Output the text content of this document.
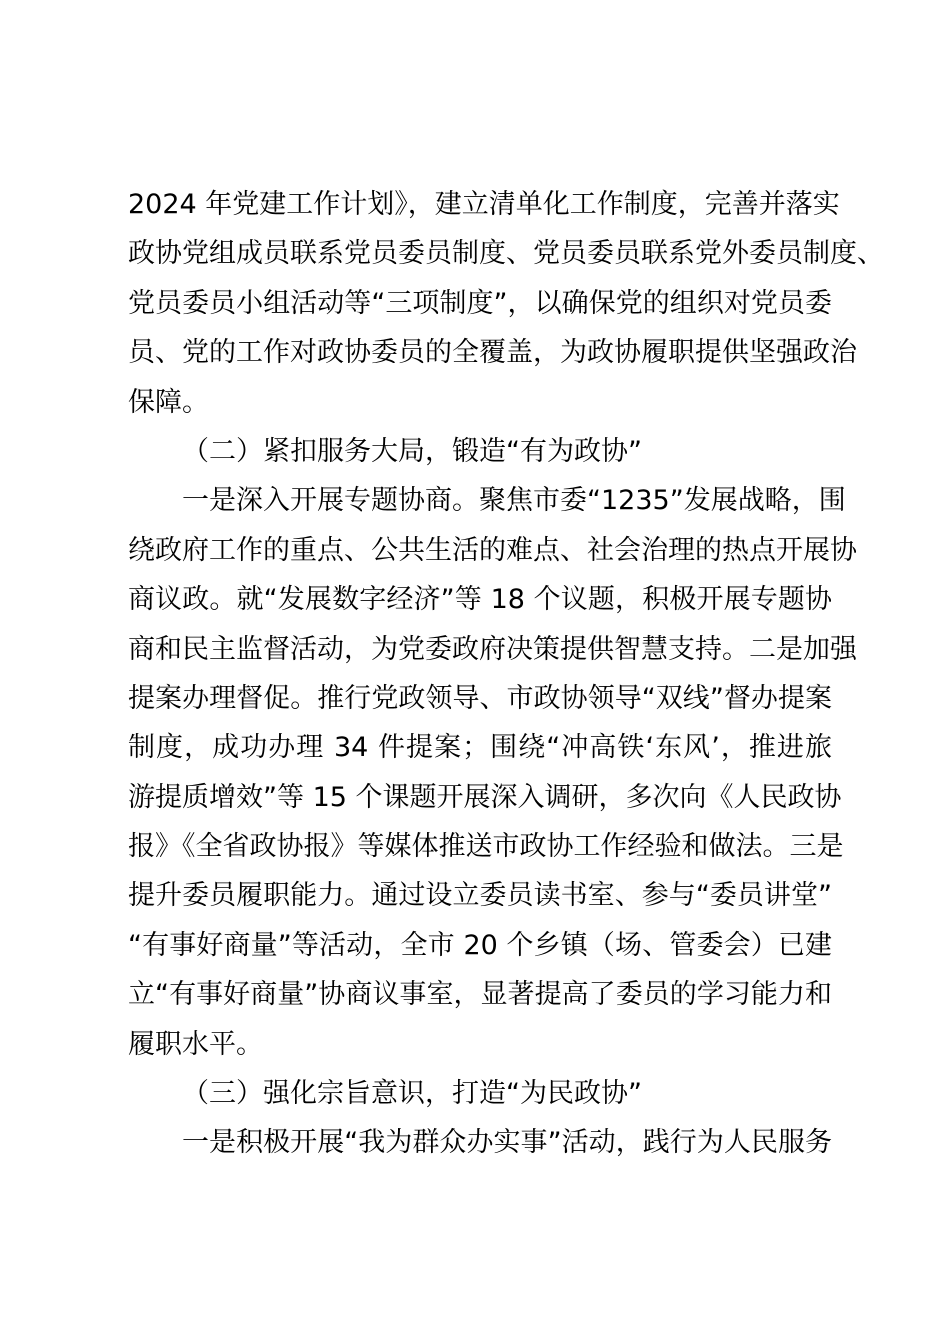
2024 年党建工作计划》，建立清单化工作制度，完善并落实
政协党组成员联系党员委员制度、党员委员联系党外委员制度、
党员委员小组活动等“三项制度”，以确保党的组织对党员委
员、党的工作对政协委员的全覆盖，为政协履职提供坚强政治
保障。
（二）紧扣服务大局，锻造“有为政协”
一是深入开展专题协商。聚焦市委“1235”发展战略，围
绕政府工作的重点、公共生活的难点、社会治理的热点开展协
商议政。就“发展数字经济”等 18 个议题，积极开展专题协
商和民主监督活动，为党委政府决策提供智慧支持。二是加强
提案办理督促。推行党政领导、市政协领导“双线”督办提案
制度，成功办理 34 件提案；围绕“冲高铁‘东风’，推进旅
游提质增效”等 15 个课题开展深入调研，多次向《人民政协
报》《全省政协报》等媒体推送市政协工作经验和做法。三是
提升委员履职能力。通过设立委员读书室、参与“委员讲堂”
“有事好商量”等活动，全市 20 个乡镇（场、管委会）已建
立“有事好商量”协商议事室，显著提高了委员的学习能力和
履职水平。
（三）强化宗旨意识，打造“为民政协”
一是积极开展“我为群众办实事”活动，践行为人民服务
